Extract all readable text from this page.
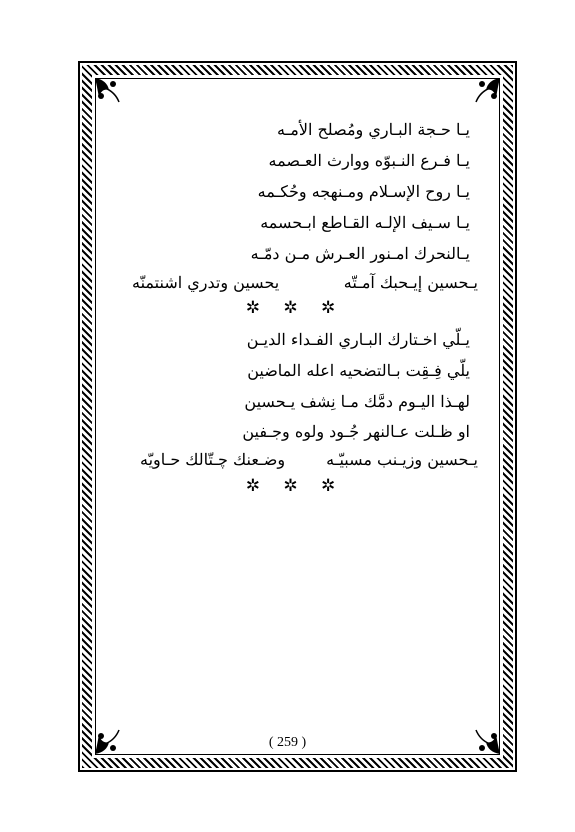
يـا حـجة البـاري ومُصلح الأمـه
يـا فـرع النـبوّه ووارث العـصمه
يـا روح الإسـلام ومـنهجه وحُكـمه
يـا سـيف الإلـه القـاطع ابـحسمه
يـالنحرك امـنور العـرش مـن دمّـه
يـحسين إيـحبك آمـتّه
يحسين وتدري اشنتمنّه
✲ ✲ ✲
يـلّي اخـتارك البـاري الفـداء الديـن
يلّي فِـقِت بـالتضحيه اعله الماضين
لهـذا اليـوم دمَّك مـا نِشف يـحسين
او ظـلت عـالنهر جُـود ولوه وجـفين
يـحسين وزيـنب مسبيّـه
وضـعنك چـتّالك حـاويّه
✲ ✲ ✲
( 259 )
